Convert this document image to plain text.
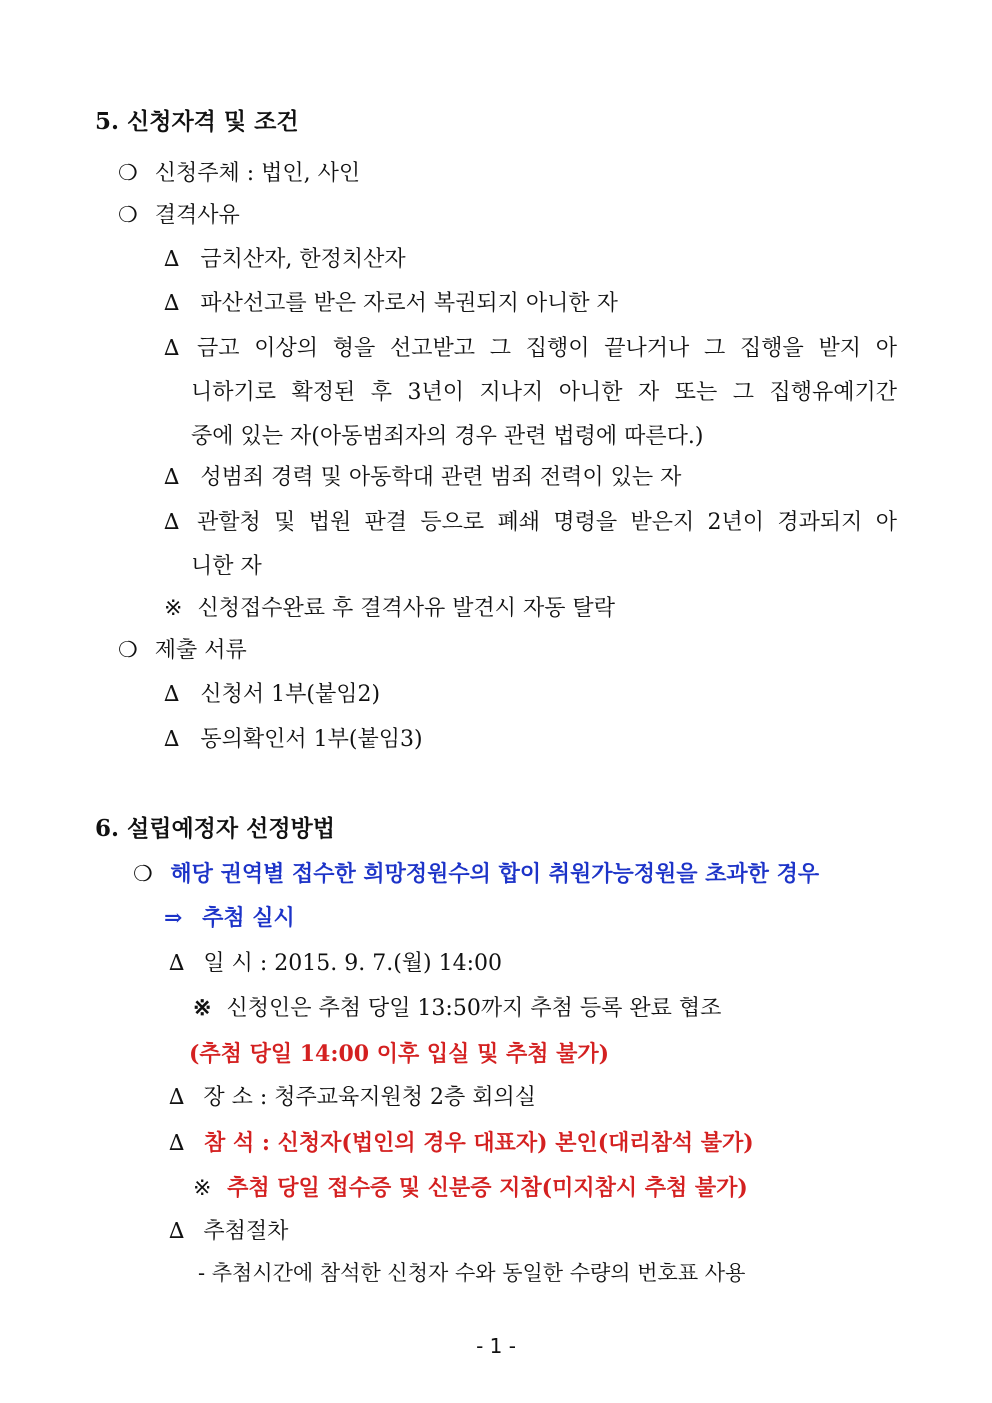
5. 신청자격 및 조건
❍ 신청주체 : 법인, 사인
❍ 결격사유
∆ 금치산자, 한정치산자
∆ 파산선고를 받은 자로서 복권되지 아니한 자
∆ 금고 이상의 형을 선고받고 그 집행이 끝나거나 그 집행을 받지 아
니하기로 확정된 후 3년이 지나지 아니한 자 또는 그 집행유예기간
중에 있는 자(아동범죄자의 경우 관련 법령에 따른다.)
∆ 성범죄 경력 및 아동학대 관련 범죄 전력이 있는 자
∆ 관할청 및 법원 판결 등으로 폐쇄 명령을 받은지 2년이 경과되지 아
니한 자
※ 신청접수완료 후 결격사유 발견시 자동 탈락
❍ 제출 서류
∆ 신청서 1부(붙임2)
∆ 동의확인서 1부(붙임3)
6. 설립예정자 선정방법
❍ 해당 권역별 접수한 희망정원수의 합이 취원가능정원을 초과한 경우
⇒ 추첨 실시
∆ 일 시 : 2015. 9. 7.(월) 14:00
※ 신청인은 추첨 당일 13:50까지 추첨 등록 완료 협조
(추첨 당일 14:00 이후 입실 및 추첨 불가)
∆ 장 소 : 청주교육지원청 2층 회의실
∆ 참 석 : 신청자(법인의 경우 대표자) 본인(대리참석 불가)
※ 추첨 당일 접수증 및 신분증 지참(미지참시 추첨 불가)
∆ 추첨절차
- 추첨시간에 참석한 신청자 수와 동일한 수량의 번호표 사용
- 1 -
